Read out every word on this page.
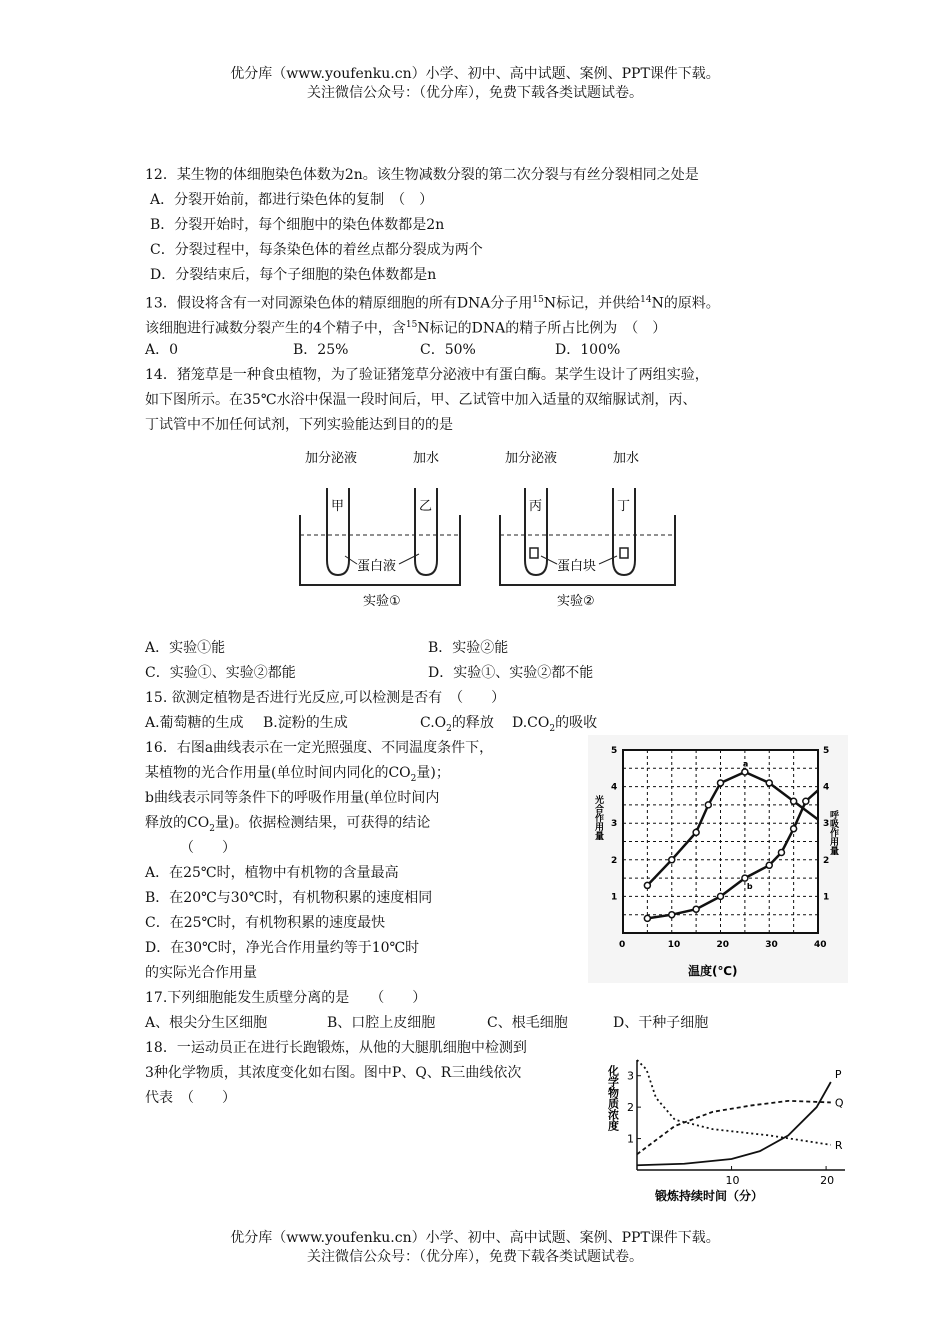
优分库（www.youfenku.cn）小学、初中、高中试题、案例、PPT课件下载。
关注微信公众号：（优分库），免费下载各类试题试卷。
12．某生物的体细胞染色体数为2n。该生物减数分裂的第二次分裂与有丝分裂相同之处是
A．分裂开始前，都进行染色体的复制　（　）
B．分裂开始时，每个细胞中的染色体数都是2n
C．分裂过程中，每条染色体的着丝点都分裂成为两个
D．分裂结束后，每个子细胞的染色体数都是n
13．假设将含有一对同源染色体的精原细胞的所有DNA分子用$^{15}$N标记，并供给$^{14}$N的原料。
该细胞进行减数分裂产生的4个精子中，含$^{15}$N标记的DNA的精子所占比例为　（　）
A．0	B．25%	C．50%	D．100%
14．猪笼草是一种食虫植物，为了验证猪笼草分泌液中有蛋白酶。某学生设计了两组实验，
如下图所示。在35℃水浴中保温一段时间后，甲、乙试管中加入适量的双缩脲试剂，丙、
丁试管中不加任何试剂，下列实验能达到目的的是
加分泌液	加水
甲	乙
蛋白液
实验①
加分泌液	加水
丙	丁
蛋白块
实验②
A．实验①能	B．实验②能
C．实验①、实验②都能	D．实验①、实验②都不能
15. 欲测定植物是否进行光反应,可以检测是否有　（　　）
A.葡萄糖的生成 B.淀粉的生成	$C.O_2$的释放 $D.CO_2$的吸收
16．右图a曲线表示在一定光照强度、不同温度条件下，
某植物的光合作用量(单位时间内同化的$CO_2$量)；
b曲线表示同等条件下的呼吸作用量(单位时间内
释放的$CO_2$量)。依据检测结果，可获得的结论
（　　）
A．在25℃时，植物中有机物的含量最高
B．在20℃与30℃时，有机物积累的速度相同
C．在25℃时，有机物积累的速度最快
D．在30℃时，净光合作用量约等于10℃时
的实际光合作用量
a
b
0	10	20	30	40
1	1
2	2
3	3
4	4
5	5
光合作用量	呼吸作用量
温度(℃)
17.下列细胞能发生质壁分离的是　　（　　）
A、根尖分生区细胞	B、口腔上皮细胞	C、根毛细胞	D、干种子细胞
18．一运动员正在进行长跑锻炼，从他的大腿肌细胞中检测到
3种化学物质，其浓度变化如右图。图中P、Q、R三曲线依次
代表　（　　）
10	20
1
2
3	P
Q
R
锻炼持续时间（分）
化学物质浓度
优分库（www.youfenku.cn）小学、初中、高中试题、案例、PPT课件下载。
关注微信公众号：（优分库），免费下载各类试题试卷。
